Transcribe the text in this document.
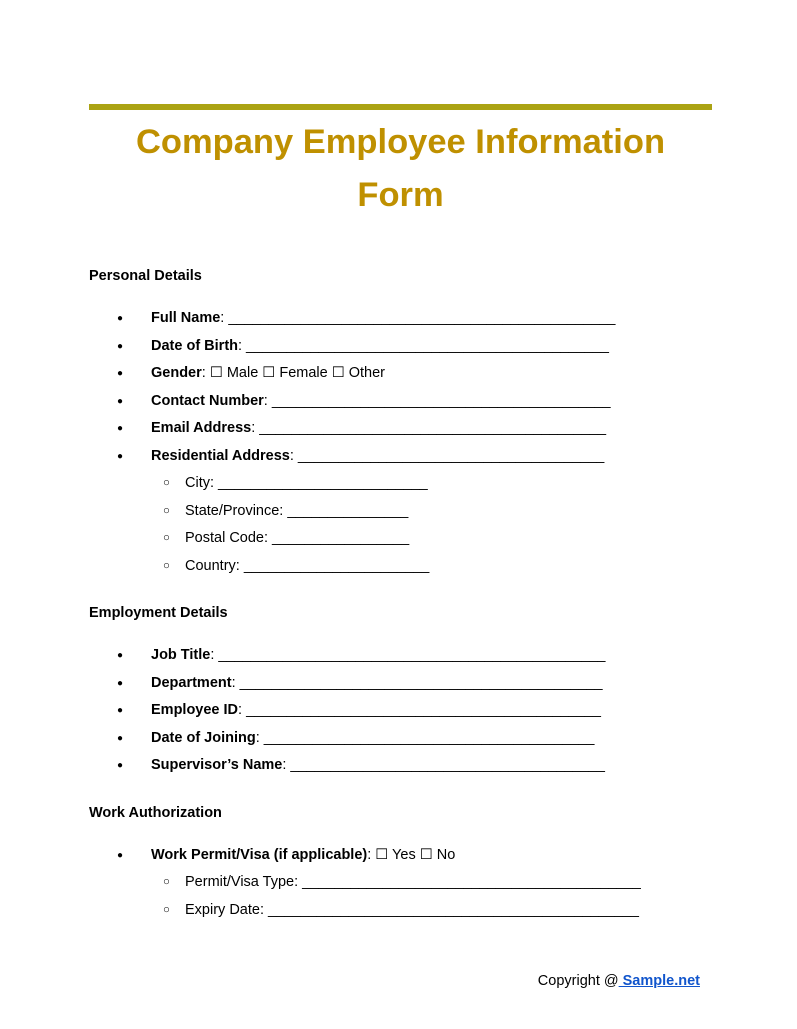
Company Employee Information Form

Personal Details

● Full Name: ________________________________________________
● Date of Birth: _____________________________________________
● Gender: ☐ Male ☐ Female ☐ Other
● Contact Number: __________________________________________
● Email Address: ___________________________________________
● Residential Address: ______________________________________
○ City: __________________________
○ State/Province: _______________
○ Postal Code: _________________
○ Country: _______________________

Employment Details

● Job Title: ________________________________________________
● Department: _____________________________________________
● Employee ID: ____________________________________________
● Date of Joining: _________________________________________
● Supervisor’s Name: _______________________________________

Work Authorization

● Work Permit/Visa (if applicable): ☐ Yes ☐ No
○ Permit/Visa Type: __________________________________________
○ Expiry Date: ______________________________________________
Copyright @ Sample.net
